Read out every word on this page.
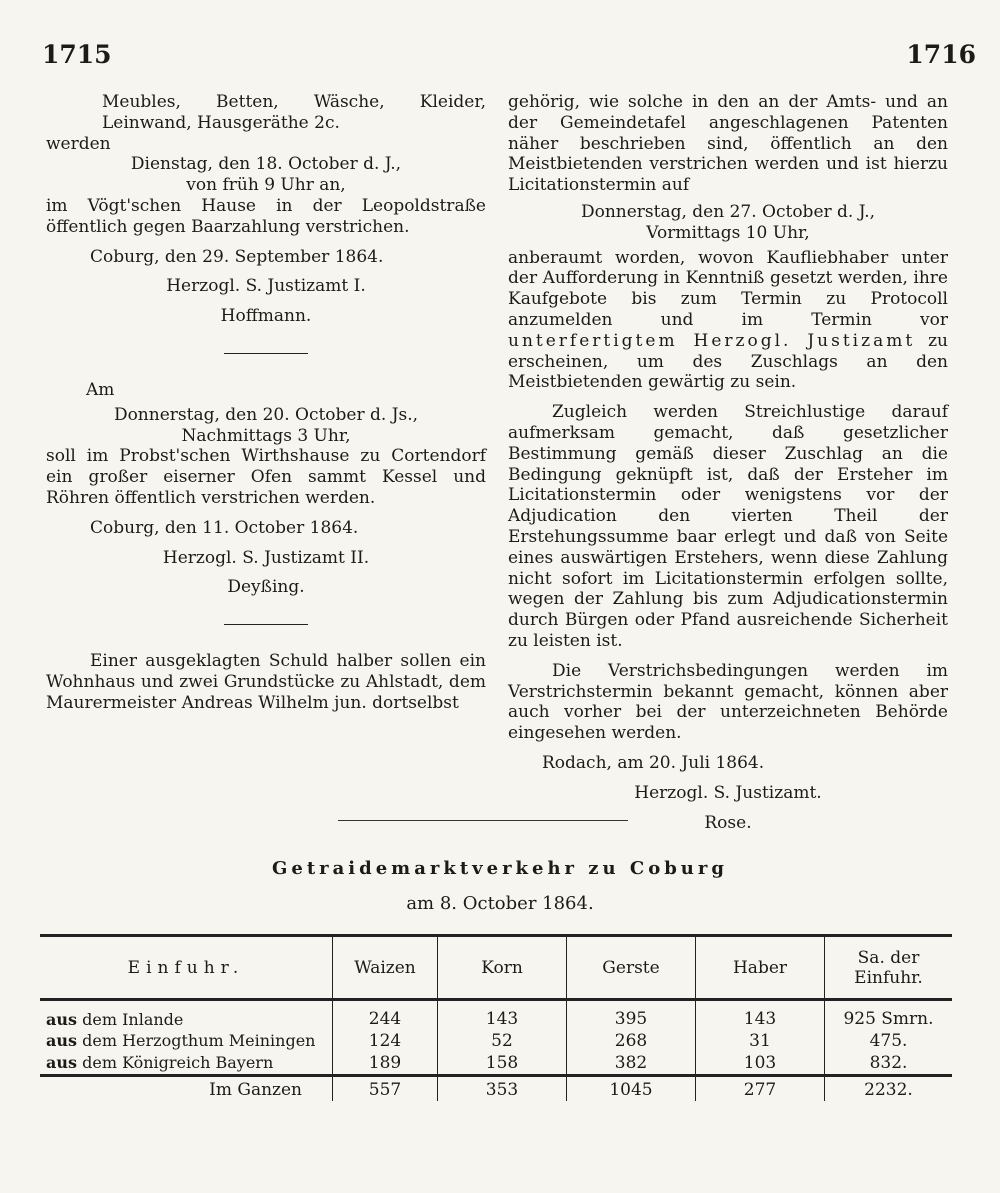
1715	1716

Meubles, Betten, Wäsche, Kleider, Leinwand, Hausgeräthe 2c.

werden

Dienstag, den 18. October d. J.,

von früh 9 Uhr an,

im Vögt'schen Hause in der Leopoldstraße öffentlich gegen Baarzahlung verstrichen.

Coburg, den 29. September 1864.

Herzogl. S. Justizamt I.

Hoffmann.

Am

Donnerstag, den 20. October d. Js.,

Nachmittags 3 Uhr,

soll im Probst'schen Wirthshause zu Cortendorf ein großer eiserner Ofen sammt Kessel und Röhren öffentlich verstrichen werden.

Coburg, den 11. October 1864.

Herzogl. S. Justizamt II.

Deyßing.

Einer ausgeklagten Schuld halber sollen ein Wohnhaus und zwei Grundstücke zu Ahlstadt, dem Maurermeister Andreas Wilhelm jun. dortselbst

gehörig, wie solche in den an der Amts- und an der Gemeindetafel angeschlagenen Patenten näher beschrieben sind, öffentlich an den Meistbietenden verstrichen werden und ist hierzu Licitationstermin auf

Donnerstag, den 27. October d. J.,

Vormittags 10 Uhr,

anberaumt worden, wovon Kaufliebhaber unter der Aufforderung in Kenntniß gesetzt werden, ihre Kaufgebote bis zum Termin zu Protocoll anzumelden und im Termin vor unterfertigtem Herzogl. Justizamt zu erscheinen, um des Zuschlags an den Meistbietenden gewärtig zu sein.

Zugleich werden Streichlustige darauf aufmerksam gemacht, daß gesetzlicher Bestimmung gemäß dieser Zuschlag an die Bedingung geknüpft ist, daß der Ersteher im Licitationstermin oder wenigstens vor der Adjudication den vierten Theil der Erstehungssumme baar erlegt und daß von Seite eines auswärtigen Erstehers, wenn diese Zahlung nicht sofort im Licitationstermin erfolgen sollte, wegen der Zahlung bis zum Adjudicationstermin durch Bürgen oder Pfand ausreichende Sicherheit zu leisten ist.

Die Verstrichsbedingungen werden im Verstrichstermin bekannt gemacht, können aber auch vorher bei der unterzeichneten Behörde eingesehen werden.

Rodach, am 20. Juli 1864.

Herzogl. S. Justizamt.

Rose.

Getraidemarktverkehr zu Coburg
am 8. October 1864.
Einfuhr.	Waizen	Korn	Gerste	Haber	Sa. der Einfuhr.
aus dem Inlande	244	143	395	143	925 Smrn.
aus dem Herzogthum Meiningen	124	52	268	31	475.
aus dem Königreich Bayern	189	158	382	103	832.
Im Ganzen	557	353	1045	277	2232.
